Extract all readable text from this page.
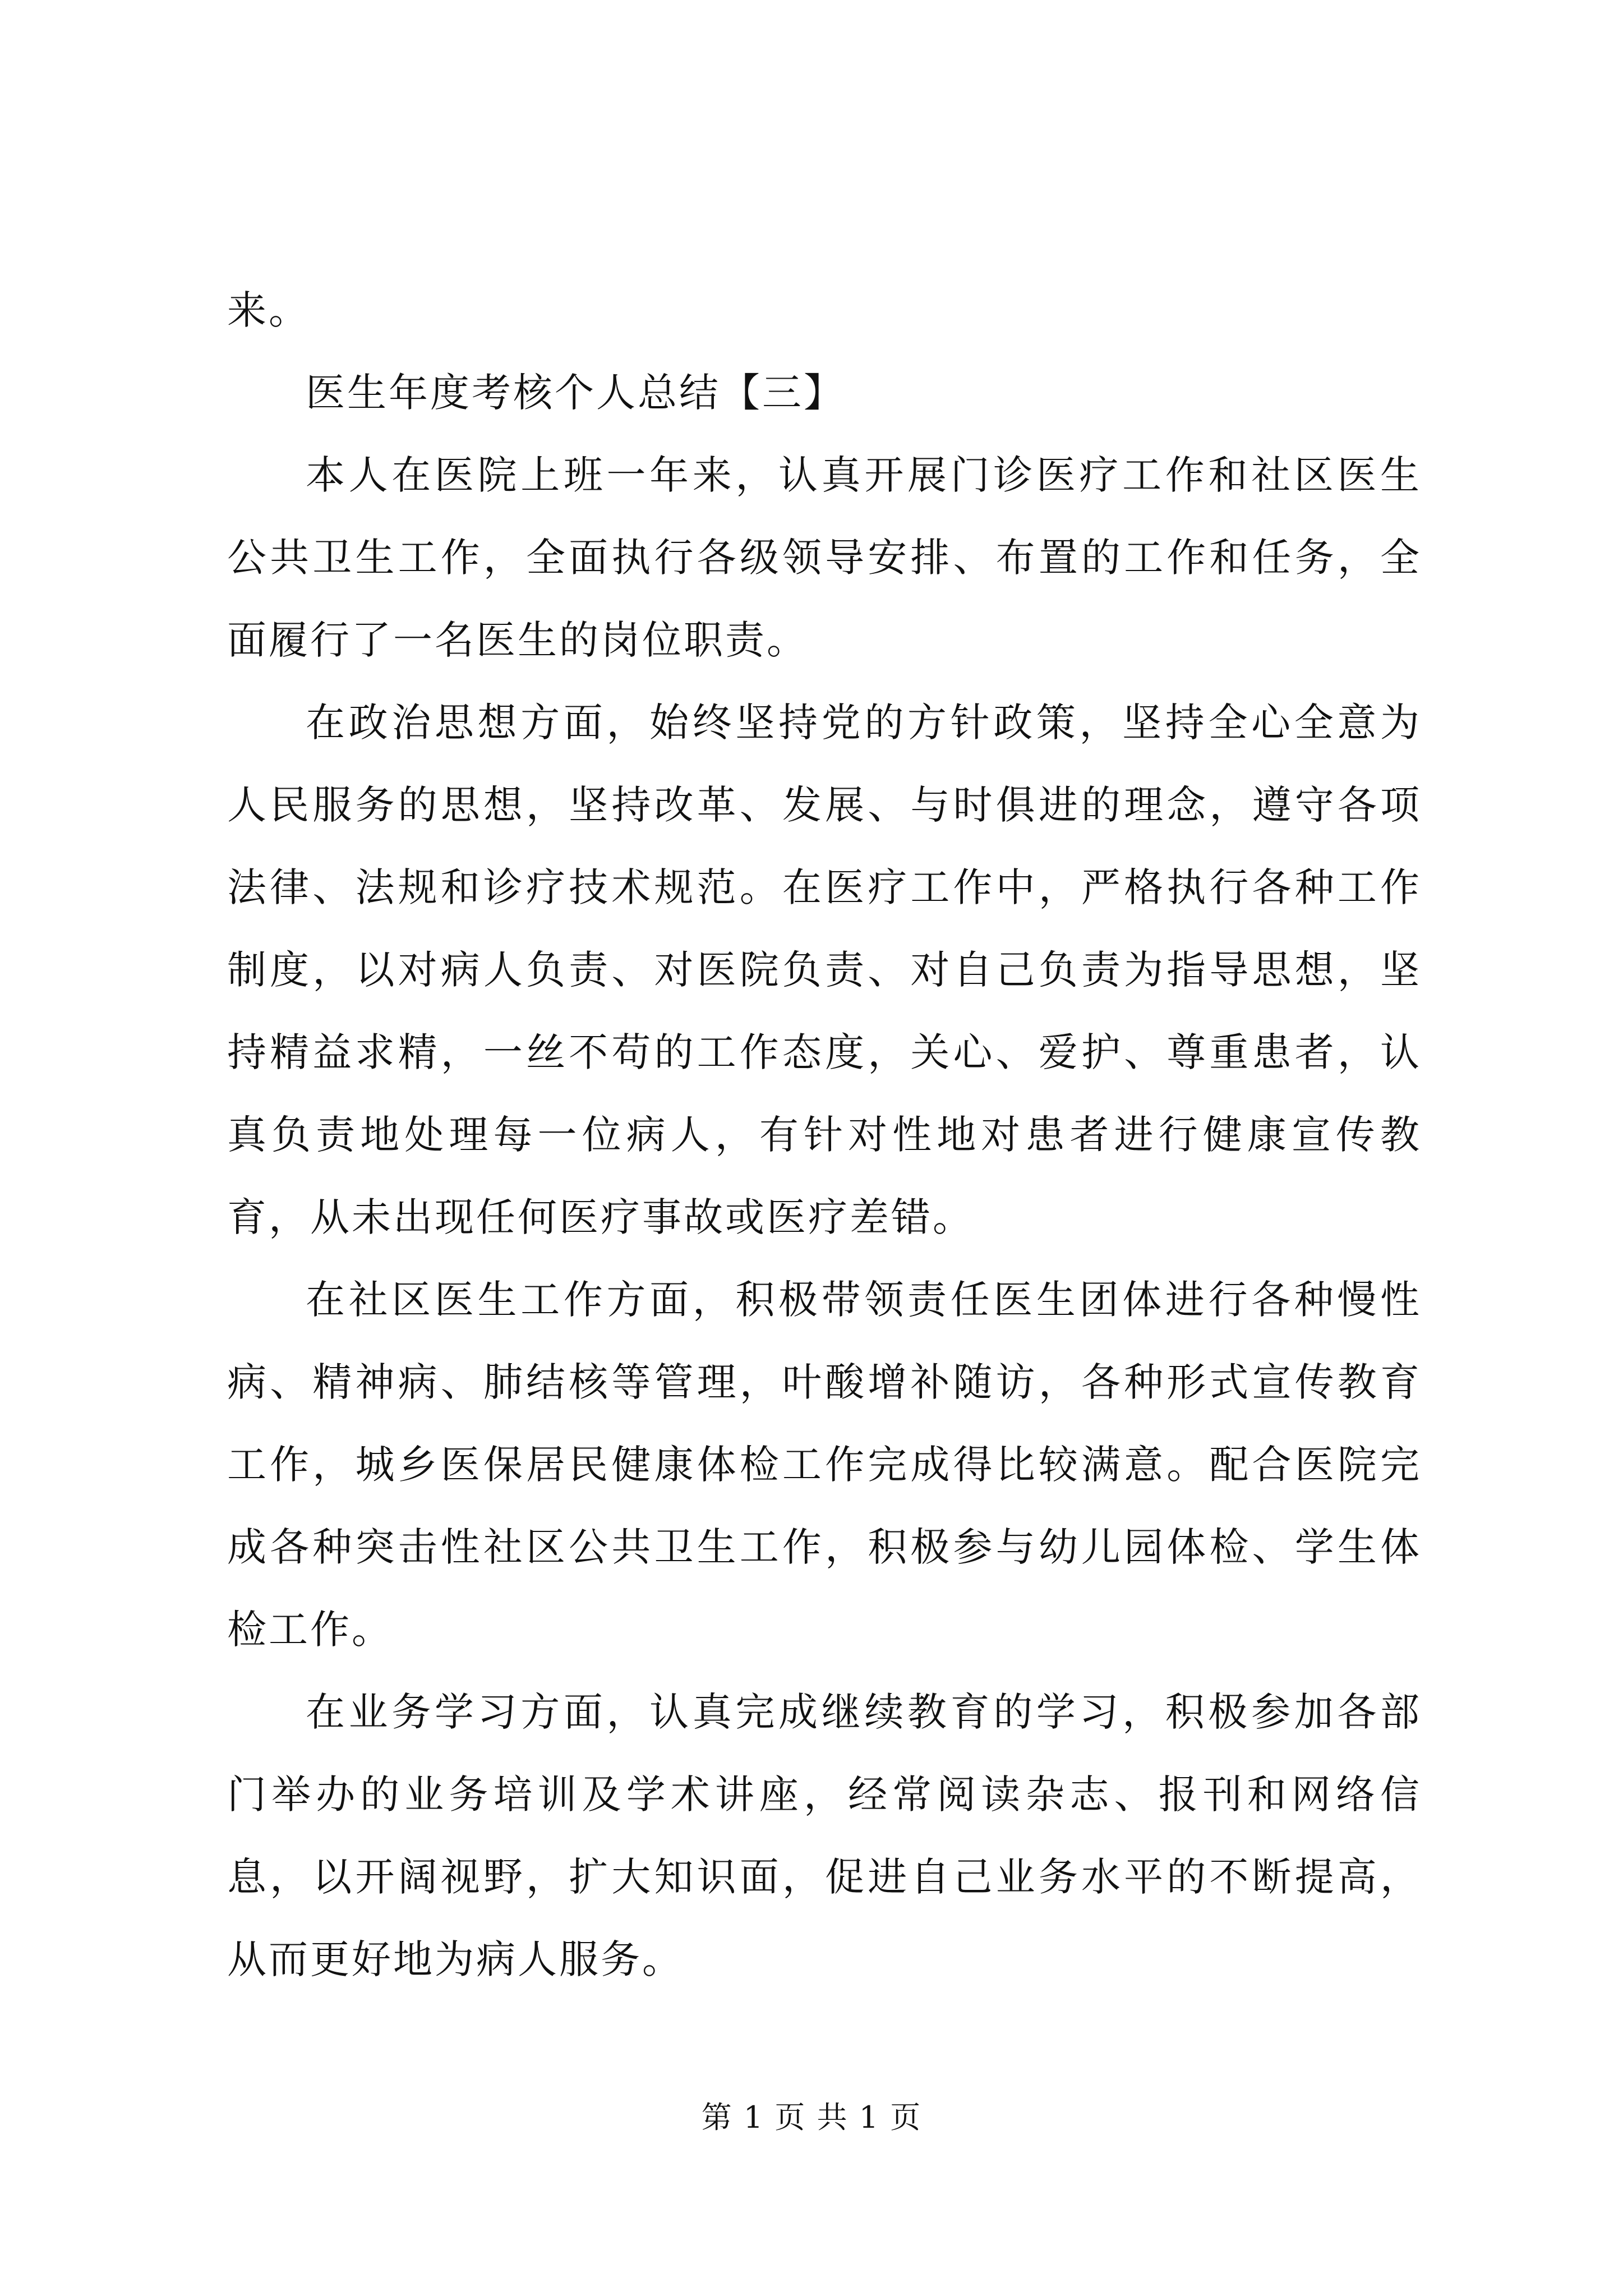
来。

医生年度考核个人总结【三】

本人在医院上班一年来，认真开展门诊医疗工作和社区医生公共卫生工作，全面执行各级领导安排、布置的工作和任务，全面履行了一名医生的岗位职责。

在政治思想方面，始终坚持党的方针政策，坚持全心全意为人民服务的思想，坚持改革、发展、与时俱进的理念，遵守各项法律、法规和诊疗技术规范。在医疗工作中，严格执行各种工作制度，以对病人负责、对医院负责、对自己负责为指导思想，坚持精益求精，一丝不苟的工作态度，关心、爱护、尊重患者，认真负责地处理每一位病人，有针对性地对患者进行健康宣传教育，从未出现任何医疗事故或医疗差错。

在社区医生工作方面，积极带领责任医生团体进行各种慢性病、精神病、肺结核等管理，叶酸增补随访，各种形式宣传教育工作，城乡医保居民健康体检工作完成得比较满意。配合医院完成各种突击性社区公共卫生工作，积极参与幼儿园体检、学生体检工作。

在业务学习方面，认真完成继续教育的学习，积极参加各部门举办的业务培训及学术讲座，经常阅读杂志、报刊和网络信息，以开阔视野，扩大知识面，促进自己业务水平的不断提高，从而更好地为病人服务。

第 1 页 共 1 页
